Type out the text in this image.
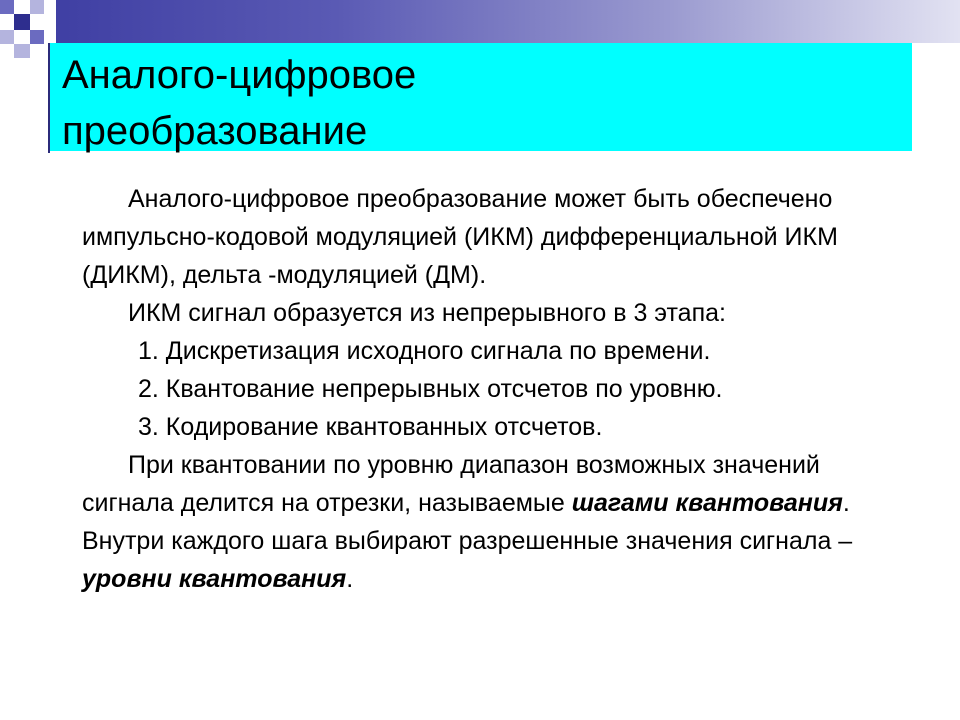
Аналого-цифровое
преобразование

Аналого-цифровое преобразование может быть обеспечено импульсно-кодовой модуляцией (ИКМ) дифференциальной ИКМ (ДИКМ), дельта -модуляцией (ДМ).

ИКМ сигнал образуется из непрерывного в 3 этапа:

1. Дискретизация исходного сигнала по времени.

2. Квантование непрерывных отсчетов по уровню.

3. Кодирование квантованных отсчетов.

При квантовании по уровню диапазон возможных значений сигнала делится на отрезки, называемые шагами квантования. Внутри каждого шага выбирают разрешенные значения сигнала – уровни квантования.
